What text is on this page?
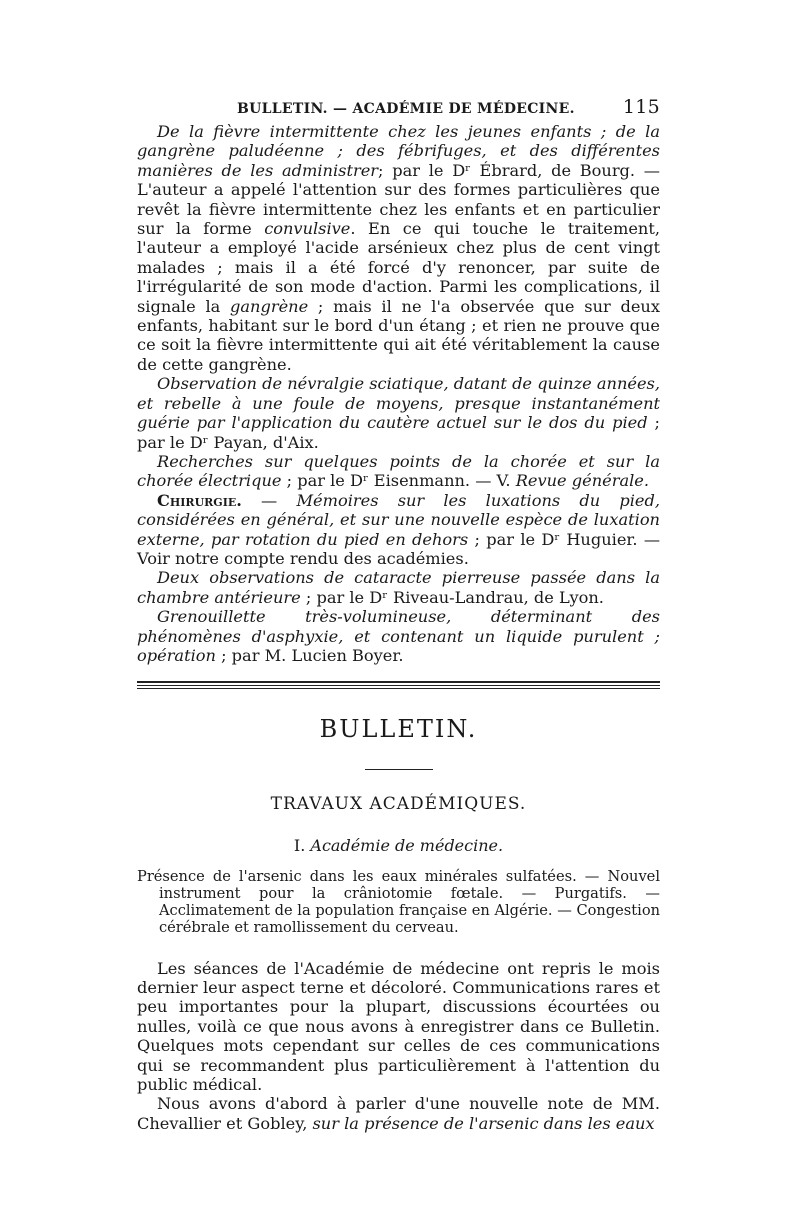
BULLETIN. — ACADÉMIE DE MÉDECINE.	115

De la fièvre intermittente chez les jeunes enfants ; de la gangrène paludéenne ; des fébrifuges, et des différentes manières de les administrer; par le Dʳ Ébrard, de Bourg. — L'auteur a appelé l'attention sur des formes particulières que revêt la fièvre intermittente chez les enfants et en particulier sur la forme convulsive. En ce qui touche le traitement, l'auteur a employé l'acide arsénieux chez plus de cent vingt malades ; mais il a été forcé d'y renoncer, par suite de l'irrégularité de son mode d'action. Parmi les complications, il signale la gangrène ; mais il ne l'a observée que sur deux enfants, habitant sur le bord d'un étang ; et rien ne prouve que ce soit la fièvre intermittente qui ait été véritablement la cause de cette gangrène.

Observation de névralgie sciatique, datant de quinze années, et rebelle à une foule de moyens, presque instantanément guérie par l'application du cautère actuel sur le dos du pied ; par le Dʳ Payan, d'Aix.

Recherches sur quelques points de la chorée et sur la chorée électrique ; par le Dʳ Eisenmann. — V. Revue générale.

Chirurgie. — Mémoires sur les luxations du pied, considérées en général, et sur une nouvelle espèce de luxation externe, par rotation du pied en dehors ; par le Dʳ Huguier. — Voir notre compte rendu des académies.

Deux observations de cataracte pierreuse passée dans la chambre antérieure ; par le Dʳ Riveau-Landrau, de Lyon.

Grenouillette très-volumineuse, déterminant des phénomènes d'asphyxie, et contenant un liquide purulent ; opération ; par M. Lucien Boyer.

BULLETIN.
TRAVAUX ACADÉMIQUES.
I. Académie de médecine.

Présence de l'arsenic dans les eaux minérales sulfatées. — Nouvel instrument pour la crâniotomie fœtale. — Purgatifs. — Acclimatement de la population française en Algérie. — Congestion cérébrale et ramollissement du cerveau.

Les séances de l'Académie de médecine ont repris le mois dernier leur aspect terne et décoloré. Communications rares et peu importantes pour la plupart, discussions écourtées ou nulles, voilà ce que nous avons à enregistrer dans ce Bulletin. Quelques mots cependant sur celles de ces communications qui se recommandent plus particulièrement à l'attention du public médical.

Nous avons d'abord à parler d'une nouvelle note de MM. Chevallier et Gobley, sur la présence de l'arsenic dans les eaux
